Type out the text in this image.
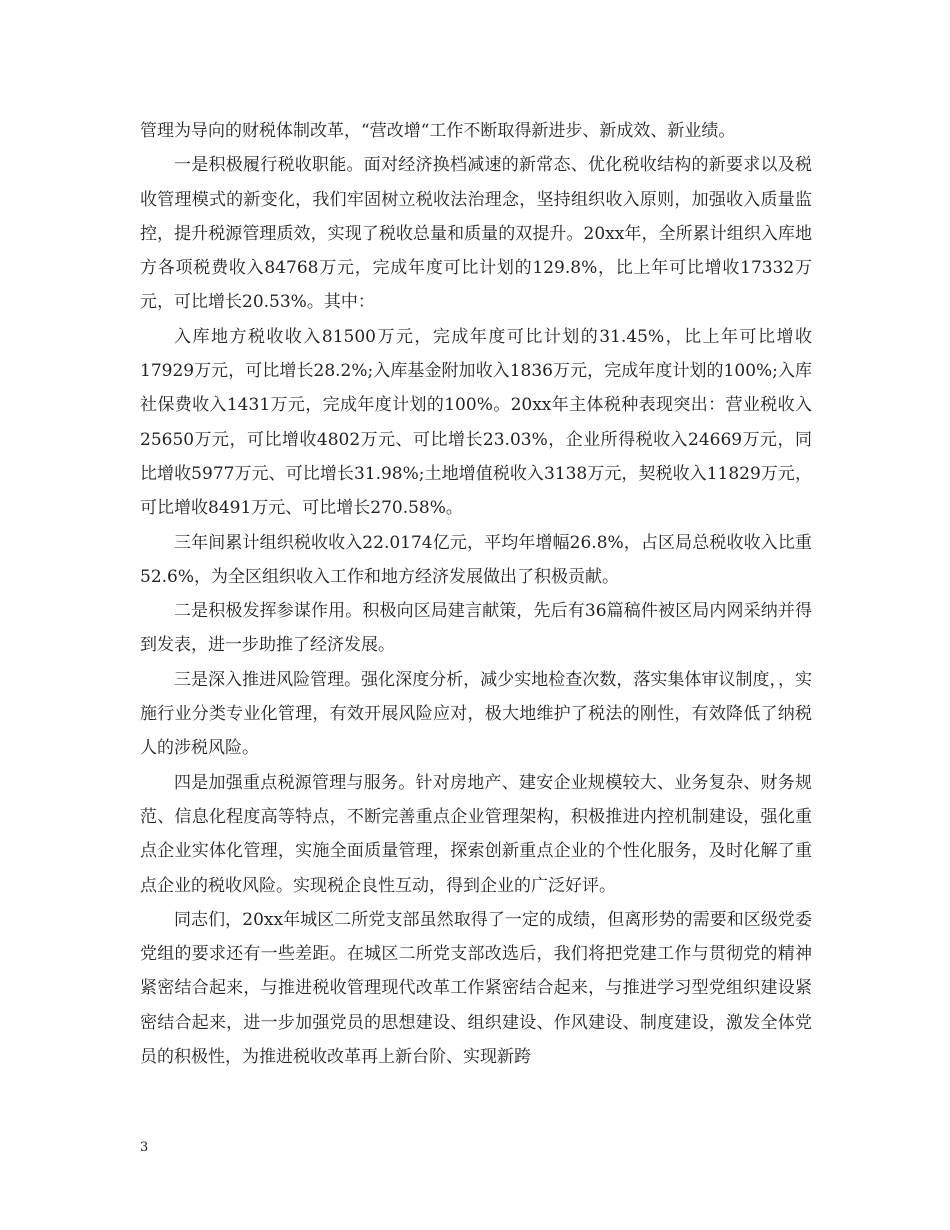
管理为导向的财税体制改革，“营改增“工作不断取得新进步、新成效、新业绩。

一是积极履行税收职能。面对经济换档减速的新常态、优化税收结构的新要求以及税收管理模式的新变化，我们牢固树立税收法治理念，坚持组织收入原则，加强收入质量监控，提升税源管理质效，实现了税收总量和质量的双提升。20xx年，全所累计组织入库地方各项税费收入84768万元，完成年度可比计划的129.8%，比上年可比增收17332万元，可比增长20.53%。其中：

入库地方税收收入81500万元，完成年度可比计划的31.45%，比上年可比增收17929万元，可比增长28.2%;入库基金附加收入1836万元，完成年度计划的100%;入库社保费收入1431万元，完成年度计划的100%。20xx年主体税种表现突出：营业税收入25650万元，可比增收4802万元、可比增长23.03%，企业所得税收入24669万元，同比增收5977万元、可比增长31.98%;土地增值税收入3138万元，契税收入11829万元，可比增收8491万元、可比增长270.58%。

三年间累计组织税收收入22.0174亿元，平均年增幅26.8%，占区局总税收收入比重52.6%，为全区组织收入工作和地方经济发展做出了积极贡献。

二是积极发挥参谋作用。积极向区局建言献策，先后有36篇稿件被区局内网采纳并得到发表，进一步助推了经济发展。

三是深入推进风险管理。强化深度分析，减少实地检查次数，落实集体审议制度，，实施行业分类专业化管理，有效开展风险应对，极大地维护了税法的刚性，有效降低了纳税人的涉税风险。

四是加强重点税源管理与服务。针对房地产、建安企业规模较大、业务复杂、财务规范、信息化程度高等特点，不断完善重点企业管理架构，积极推进内控机制建设，强化重点企业实体化管理，实施全面质量管理，探索创新重点企业的个性化服务，及时化解了重点企业的税收风险。实现税企良性互动，得到企业的广泛好评。

同志们，20xx年城区二所党支部虽然取得了一定的成绩，但离形势的需要和区级党委党组的要求还有一些差距。在城区二所党支部改选后，我们将把党建工作与贯彻党的精神紧密结合起来，与推进税收管理现代改革工作紧密结合起来，与推进学习型党组织建设紧密结合起来，进一步加强党员的思想建设、组织建设、作风建设、制度建设，激发全体党员的积极性，为推进税收改革再上新台阶、实现新跨

3
